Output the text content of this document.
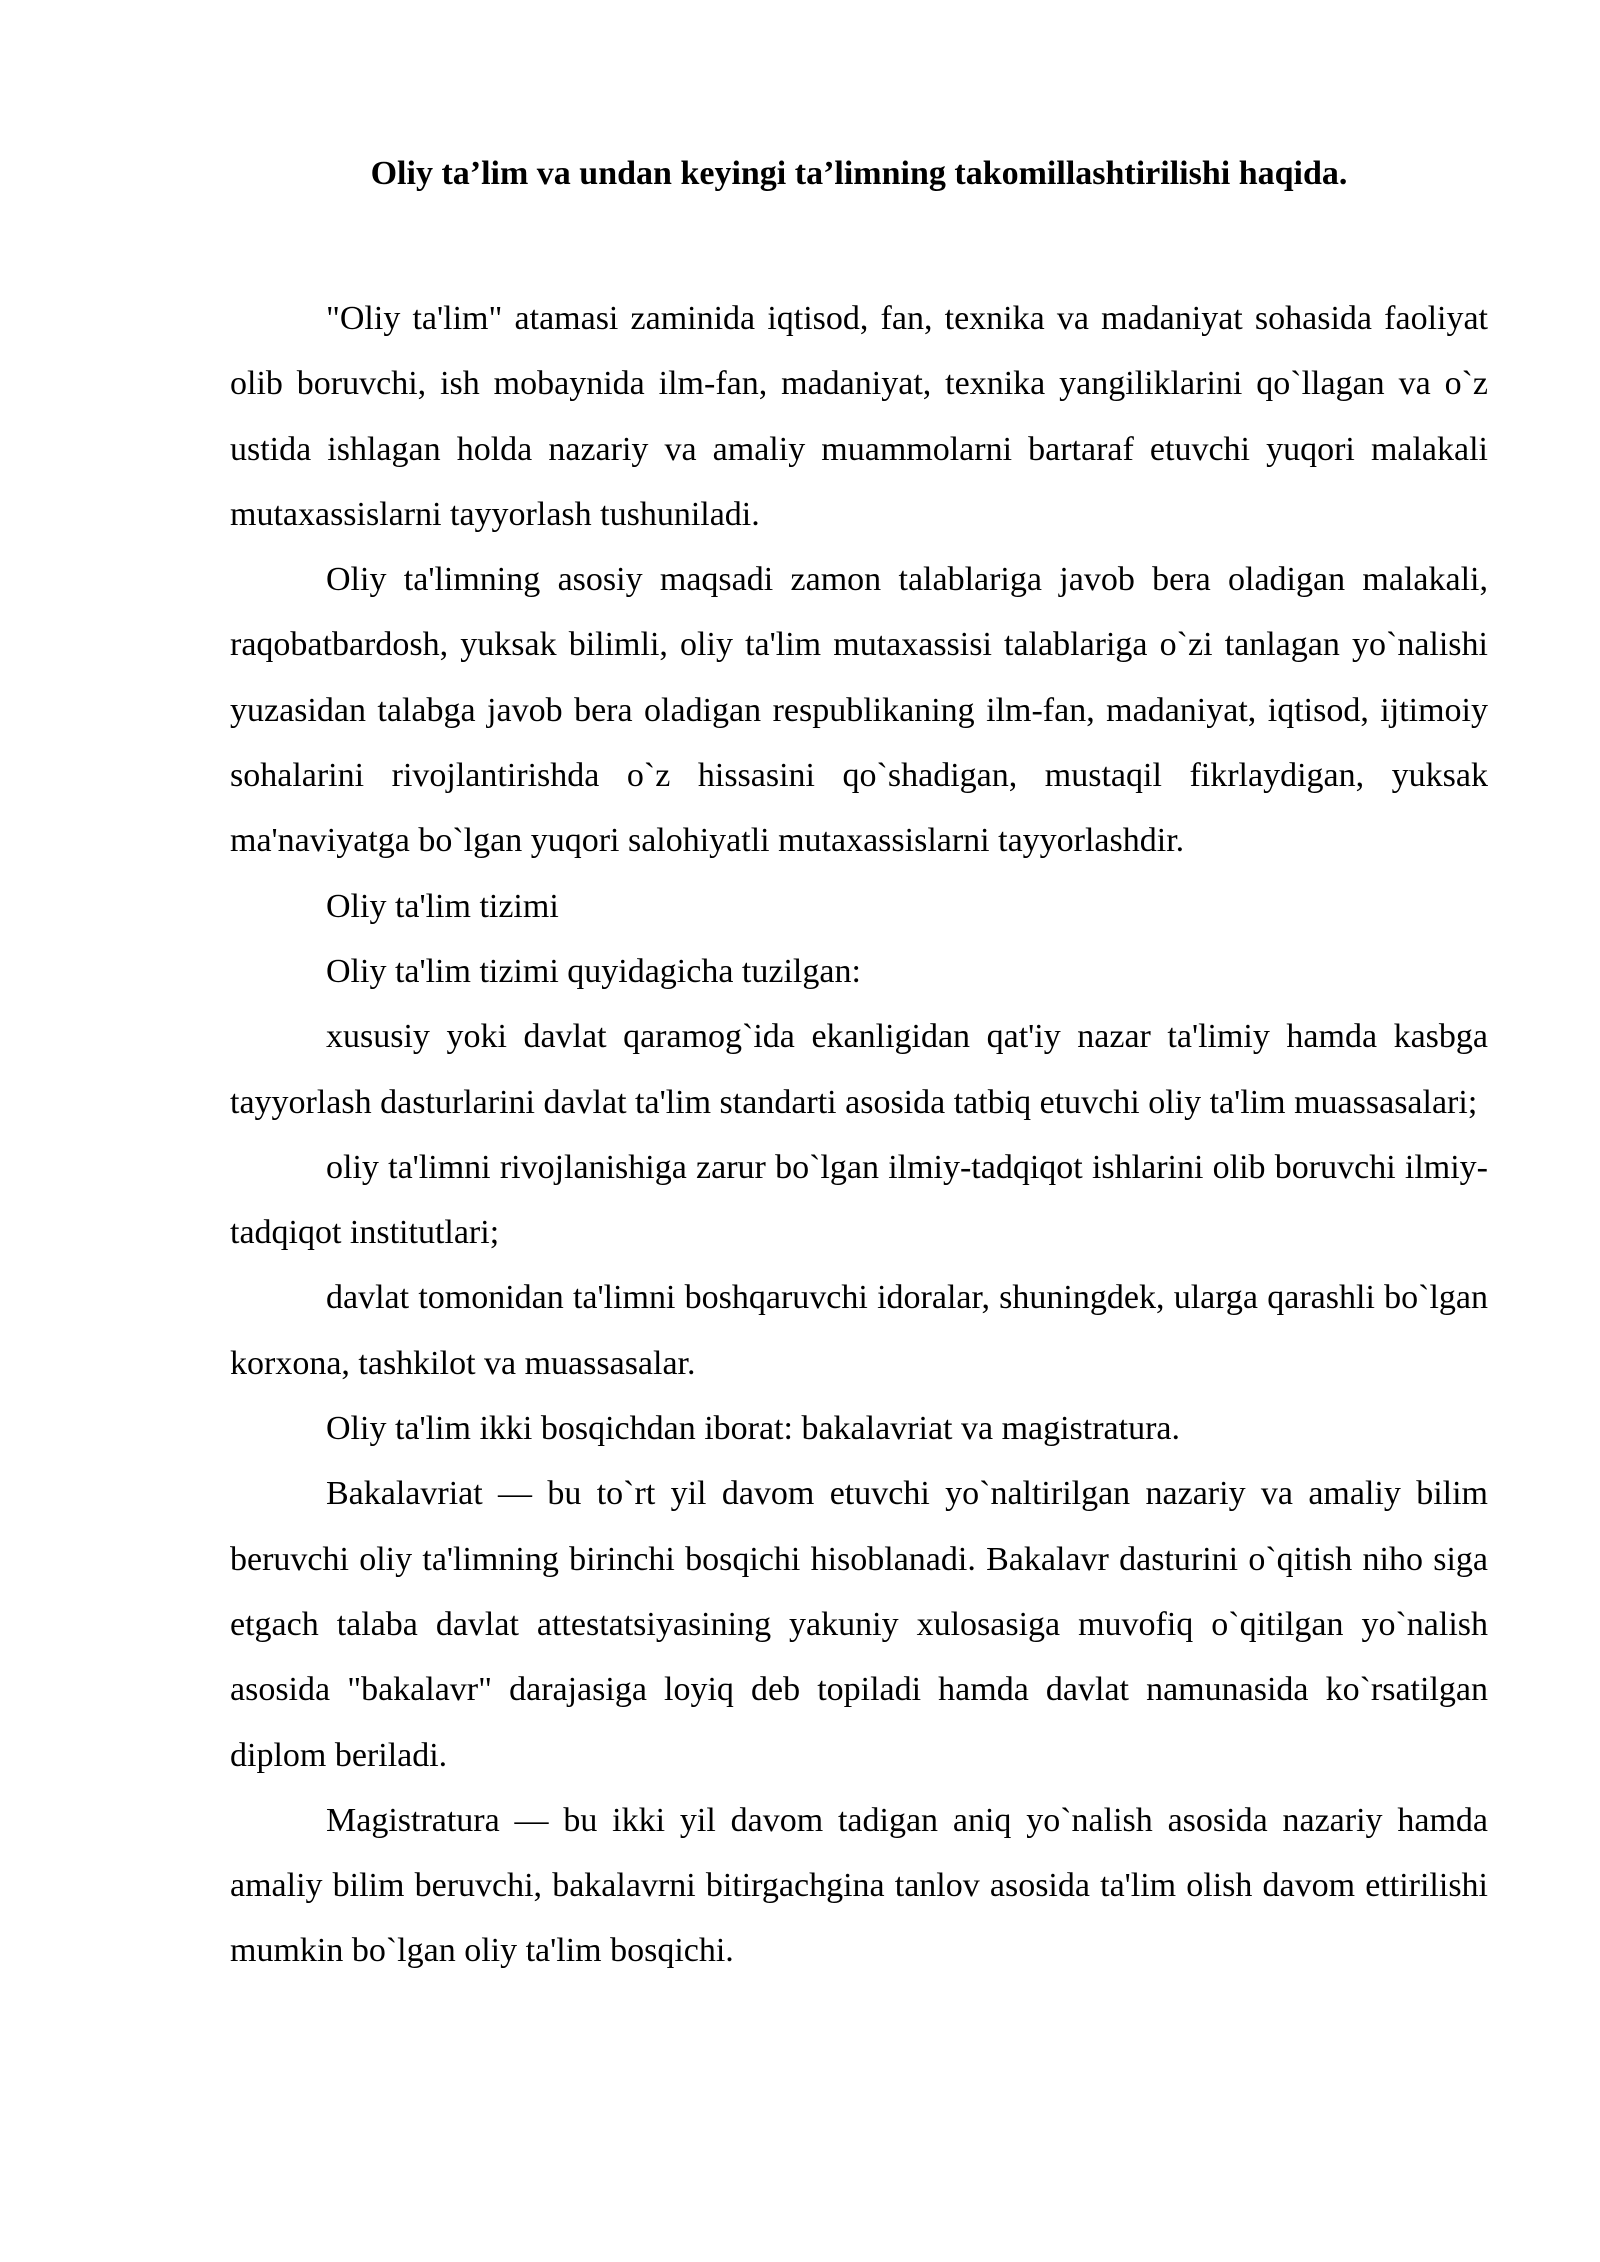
Oliy ta’lim va undan keyingi ta’limning takomillashtirilishi haqida.

"Oliy ta'lim" atamasi zaminida iqtisod, fan, texnika va madaniyat sohasida faoliyat olib boruvchi, ish mobaynida ilm-fan, madaniyat, texnika yangiliklarini qo`llagan va o`z ustida ishlagan holda nazariy va amaliy muammolarni bartaraf etuvchi yuqori malakali mutaxassislarni tayyorlash tushuniladi.

Oliy ta'limning asosiy maqsadi zamon talablariga javob bera oladigan malakali, raqobatbardosh, yuksak bilimli, oliy ta'lim mutaxassisi talablariga o`zi tanlagan yo`nalishi yuzasidan talabga javob bera oladigan respublikaning ilm-fan, madaniyat, iqtisod, ijtimoiy sohalarini rivojlantirishda o`z hissasini qo`shadigan, mustaqil fikrlaydigan, yuksak ma'naviyatga bo`lgan yuqori salohiyatli mutaxassislarni tayyorlashdir.

Oliy ta'lim tizimi

Oliy ta'lim tizimi quyidagicha tuzilgan:

xususiy yoki davlat qaramog`ida ekanligidan qat'iy nazar ta'limiy hamda kasbga tayyorlash dasturlarini davlat ta'lim standarti asosida tatbiq etuvchi oliy ta'lim muassasalari;

oliy ta'limni rivojlanishiga zarur bo`lgan ilmiy-tadqiqot ishlarini olib boruvchi ilmiy-tadqiqot institutlari;

davlat tomonidan ta'limni boshqaruvchi idoralar, shuningdek, ularga qarashli bo`lgan korxona, tashkilot va muassasalar.

Oliy ta'lim ikki bosqichdan iborat: bakalavriat va magistratura.

Bakalavriat — bu to`rt yil davom etuvchi yo`naltirilgan nazariy va amaliy bilim beruvchi oliy ta'limning birinchi bosqichi hisoblanadi. Bakalavr dasturini o`qitish niho siga etgach talaba davlat attestatsiyasining yakuniy xulosasiga muvofiq o`qitilgan yo`nalish asosida "bakalavr" darajasiga loyiq deb topiladi hamda davlat namunasida ko`rsatilgan diplom beriladi.

Magistratura — bu ikki yil davom tadigan aniq yo`nalish asosida nazariy hamda amaliy bilim beruvchi, bakalavrni bitirgachgina tanlov asosida ta'lim olish davom ettirilishi mumkin bo`lgan oliy ta'lim bosqichi.
